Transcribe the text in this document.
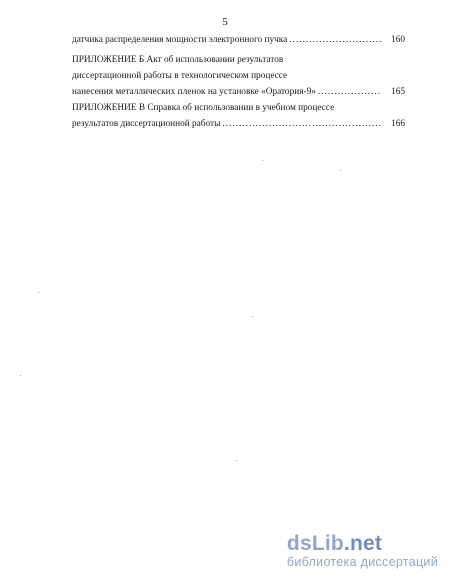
5
датчика распределения мощности электронного пучка .....	160
ПРИЛОЖЕНИЕ Б Акт об использовании результатов
диссертационной работы в технологическом процессе
нанесения металлических пленок на установке «Оратория-9» .....	165
ПРИЛОЖЕНИЕ В Справка об использовании в учебном процессе
результатов диссертационной работы .....	166
dsLib.net
библиотека диссертаций
